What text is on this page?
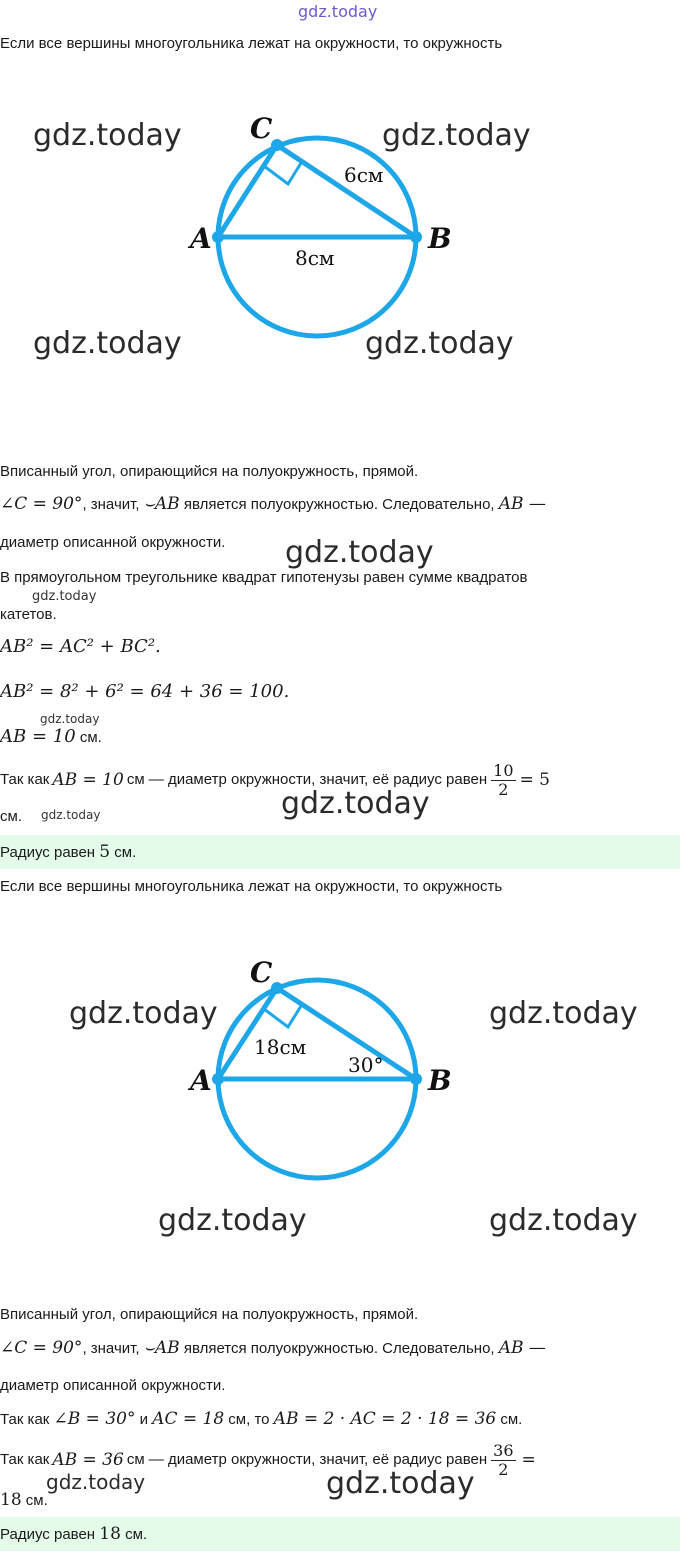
gdz.today
Если все вершины многоугольника лежат на окружности, то окружность
C
A	B
6см
8см
gdz.today	gdz.today
gdz.today	gdz.today
Вписанный угол, опирающийся на полуокружность, прямой.
∠C = 90°, значит, ⌣AB является полуокружностью. Следовательно, AB —
диаметр описанной окружности. gdz.today
В прямоугольном треугольнике квадрат гипотенузы равен сумме квадратов
gdz.today
катетов.
AB² = AC² + BC².
AB² = 8² + 6² = 64 + 36 = 100.
gdz.today
AB = 10 см.
Так как AB = 10 см — диаметр окружности, значит, её радиус равен $\frac{10}{2} = 5$
см. gdz.today	gdz.today
Радиус равен 5 см.
Если все вершины многоугольника лежат на окружности, то окружность
C
A	B
18см
30°
gdz.today	gdz.today
gdz.today	gdz.today
Вписанный угол, опирающийся на полуокружность, прямой.
∠C = 90°, значит, ⌣AB является полуокружностью. Следовательно, AB —
диаметр описанной окружности.
Так как ∠B = 30° и AC = 18 см, то AB = 2 · AC = 2 · 18 = 36 см.
Так как AB = 36 см — диаметр окружности, значит, её радиус равен $\frac{36}{2}$ =
18 см.
gdz.today	gdz.today
Радиус равен 18 см.
